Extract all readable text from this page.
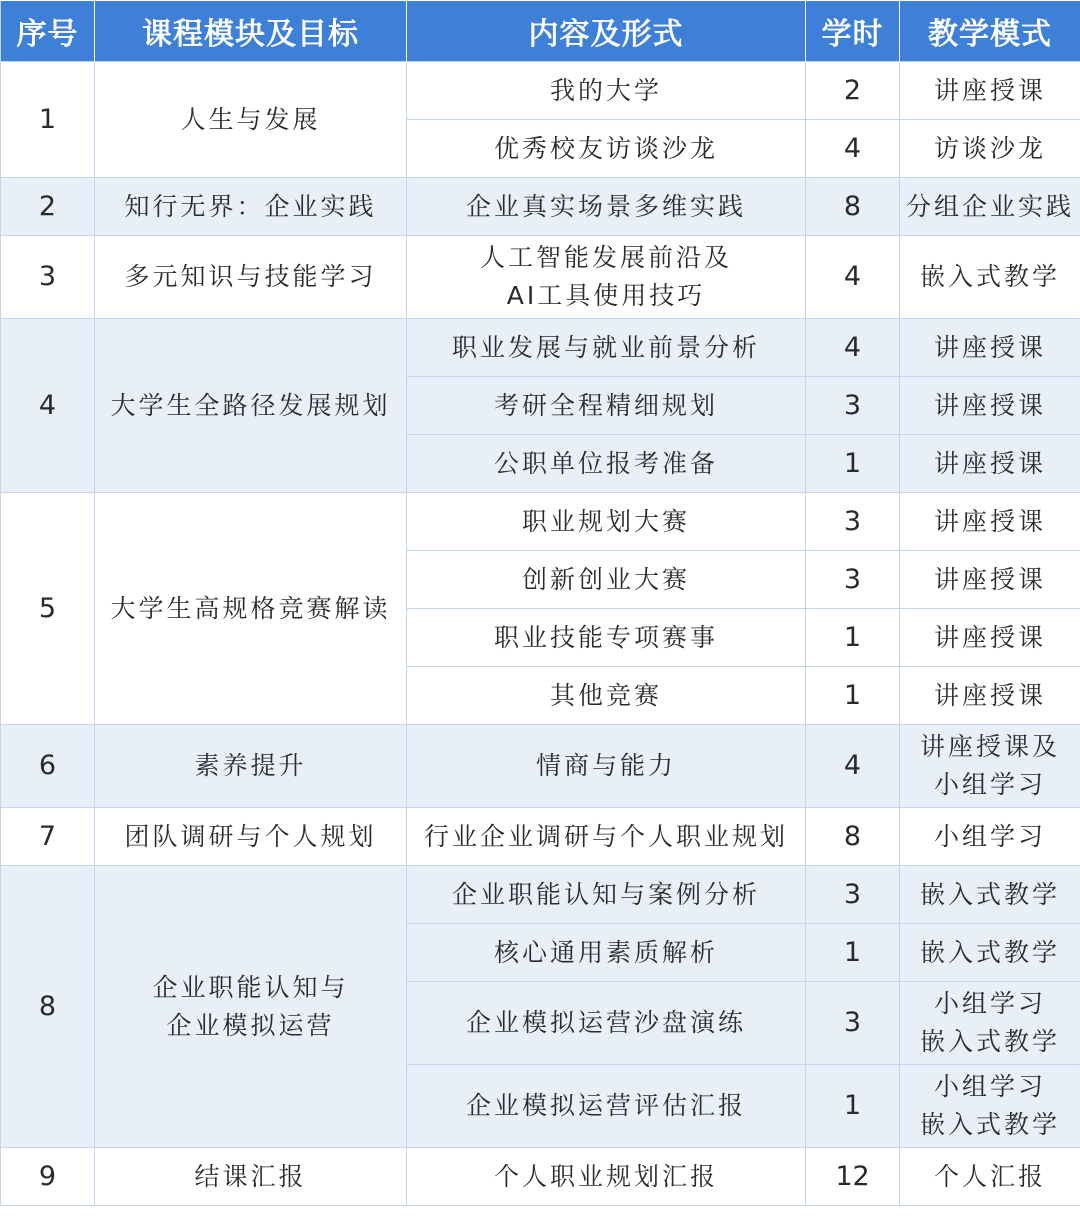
序号	课程模块及目标	内容及形式	学时	教学模式
1	人生与发展	我的大学	2	讲座授课
		优秀校友访谈沙龙	4	访谈沙龙
2	知行无界：企业实践	企业真实场景多维实践	8	分组企业实践
3	多元知识与技能学习	人工智能发展前沿及
AI工具使用技巧	4	嵌入式教学
4	大学生全路径发展规划	职业发展与就业前景分析	4	讲座授课
		考研全程精细规划	3	讲座授课
		公职单位报考准备	1	讲座授课
5	大学生高规格竞赛解读	职业规划大赛	3	讲座授课
		创新创业大赛	3	讲座授课
		职业技能专项赛事	1	讲座授课
		其他竞赛	1	讲座授课
6	素养提升	情商与能力	4	讲座授课及
小组学习
7	团队调研与个人规划	行业企业调研与个人职业规划	8	小组学习
8	企业职能认知与
企业模拟运营	企业职能认知与案例分析	3	嵌入式教学
		核心通用素质解析	1	嵌入式教学
		企业模拟运营沙盘演练	3	小组学习
嵌入式教学
		企业模拟运营评估汇报	1	小组学习
嵌入式教学
9	结课汇报	个人职业规划汇报	12	个人汇报
